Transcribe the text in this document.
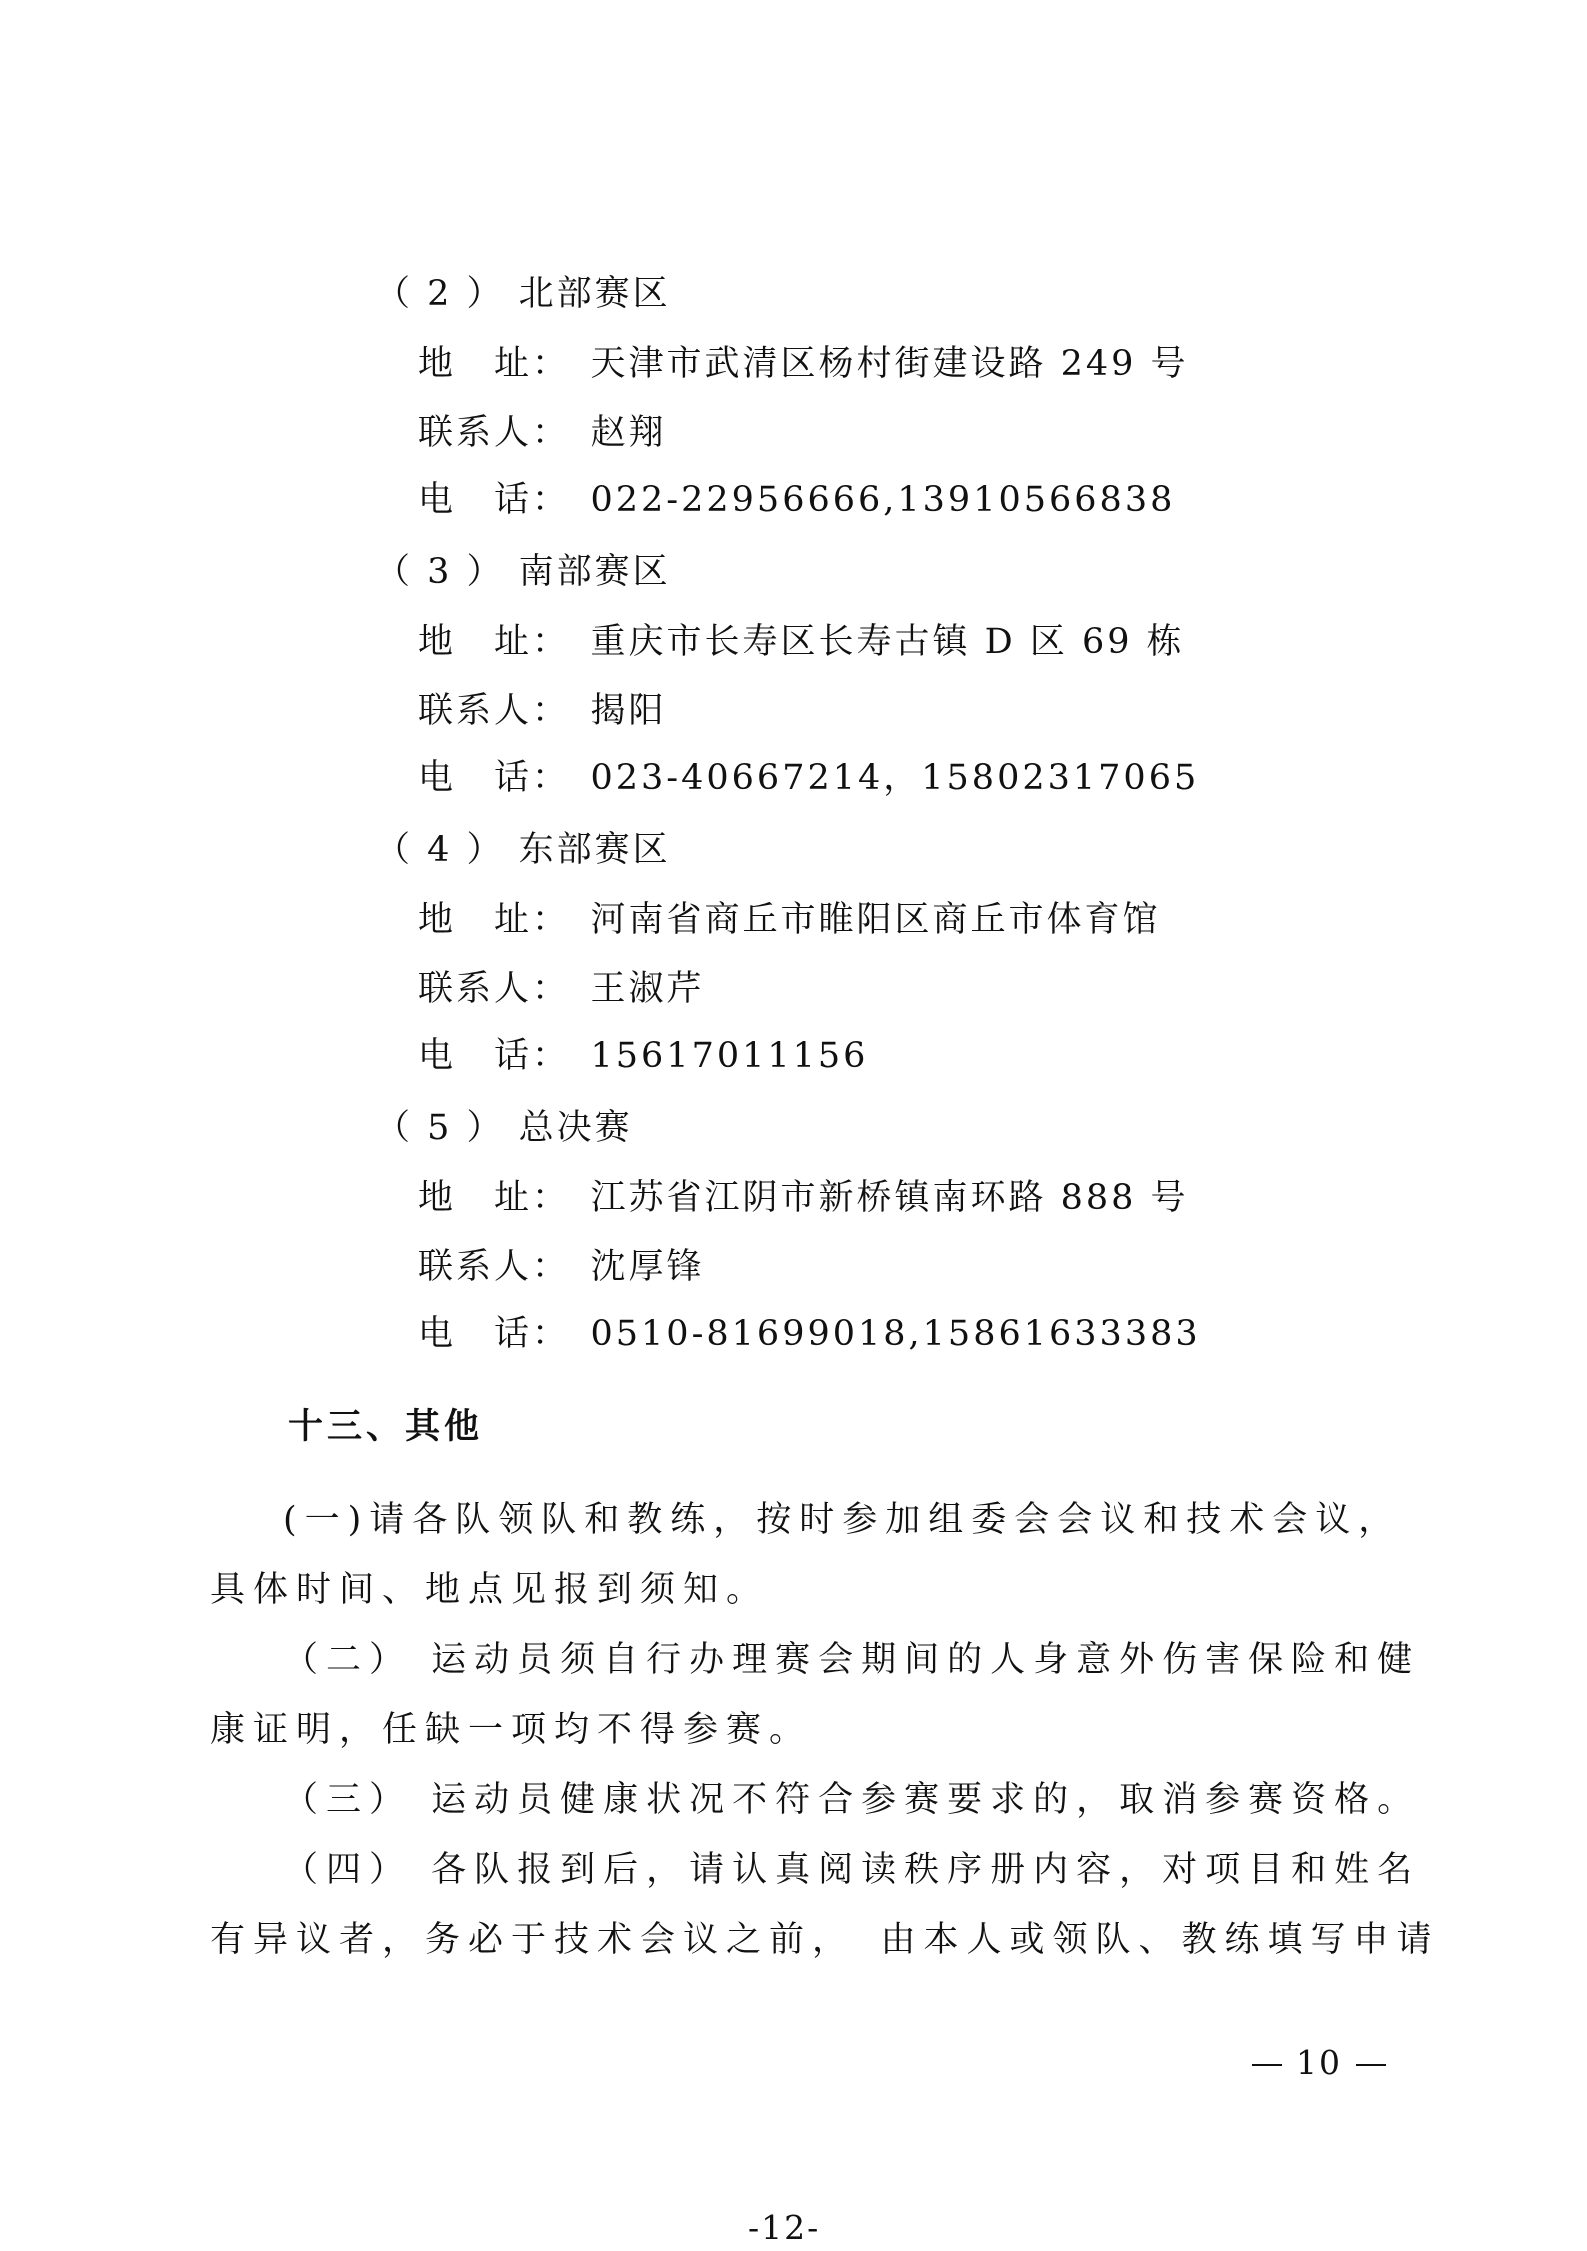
（ 2 ） 北部赛区
地　址：　天津市武清区杨村街建设路 249 号
联系人：　赵翔
电　话：　022-22956666,13910566838
（ 3 ） 南部赛区
地　址：　重庆市长寿区长寿古镇 D 区 69 栋
联系人：　揭阳
电　话：　023-40667214，15802317065
（ 4 ） 东部赛区
地　址：　河南省商丘市睢阳区商丘市体育馆
联系人：　王淑芹
电　话：　15617011156
（ 5 ） 总决赛
地　址：　江苏省江阴市新桥镇南环路 888 号
联系人：　沈厚锋
电　话：　0510-81699018,15861633383
十三、其他
(一)请各队领队和教练，按时参加组委会会议和技术会议，
具体时间、地点见报到须知。
（二） 运动员须自行办理赛会期间的人身意外伤害保险和健
康证明，任缺一项均不得参赛。
（三） 运动员健康状况不符合参赛要求的，取消参赛资格。
（四） 各队报到后，请认真阅读秩序册内容，对项目和姓名
有异议者，务必于技术会议之前，　由本人或领队、教练填写申请
10
-12-
